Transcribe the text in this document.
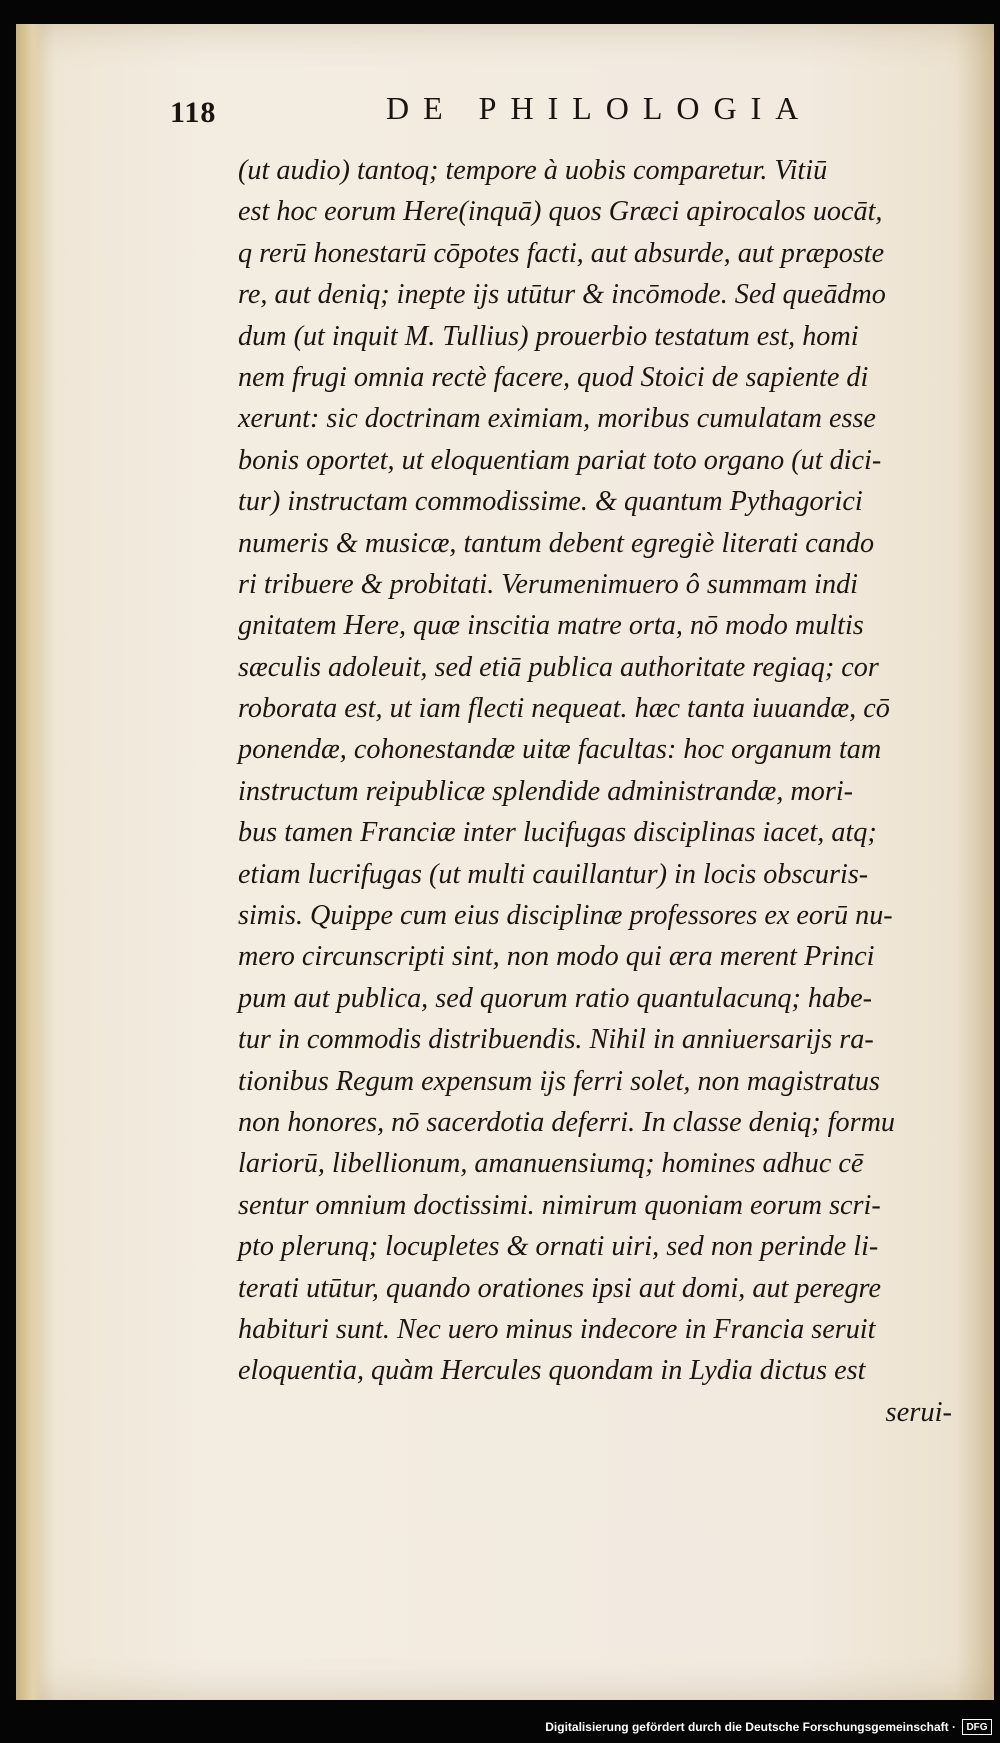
118	DE PHILOLOGIA
(ut audio) tantoq; tempore à uobis comparetur. Vitiū
est hoc eorum Here(inquā) quos Græci apirocalos uocāt,
q rerū honestarū cōpotes facti, aut absurde, aut præposte
re, aut deniq; inepte ijs utūtur & incōmode. Sed queādmo
dum (ut inquit M. Tullius) prouerbio testatum est, homi
nem frugi omnia rectè facere, quod Stoici de sapiente di
xerunt: sic doctrinam eximiam, moribus cumulatam esse
bonis oportet, ut eloquentiam pariat toto organo (ut dici-
tur) instructam commodissime. & quantum Pythagorici
numeris & musicæ, tantum debent egregiè literati cando
ri tribuere & probitati. Verumenimuero ô summam indi
gnitatem Here, quæ inscitia matre orta, nō modo multis
sæculis adoleuit, sed etiā publica authoritate regiaq; cor
roborata est, ut iam flecti nequeat. hæc tanta iuuandæ, cō
ponendæ, cohonestandæ uitæ facultas: hoc organum tam
instructum reipublicæ splendide administrandæ, mori-
bus tamen Franciæ inter lucifugas disciplinas iacet, atq;
etiam lucrifugas (ut multi cauillantur) in locis obscuris-
simis. Quippe cum eius disciplinæ professores ex eorū nu-
mero circunscripti sint, non modo qui æra merent Princi
pum aut publica, sed quorum ratio quantulacunq; habe-
tur in commodis distribuendis. Nihil in anniuersarijs ra-
tionibus Regum expensum ijs ferri solet, non magistratus
non honores, nō sacerdotia deferri. In classe deniq; formu
lariorū, libellionum, amanuensiumq; homines adhuc cē
sentur omnium doctissimi. nimirum quoniam eorum scri-
pto plerunq; locupletes & ornati uiri, sed non perinde li-
terati utūtur, quando orationes ipsi aut domi, aut peregre
habituri sunt. Nec uero minus indecore in Francia seruit
eloquentia, quàm Hercules quondam in Lydia dictus est
serui-
Digitalisierung gefördert durch die Deutsche Forschungsgemeinschaft ·	DFG
